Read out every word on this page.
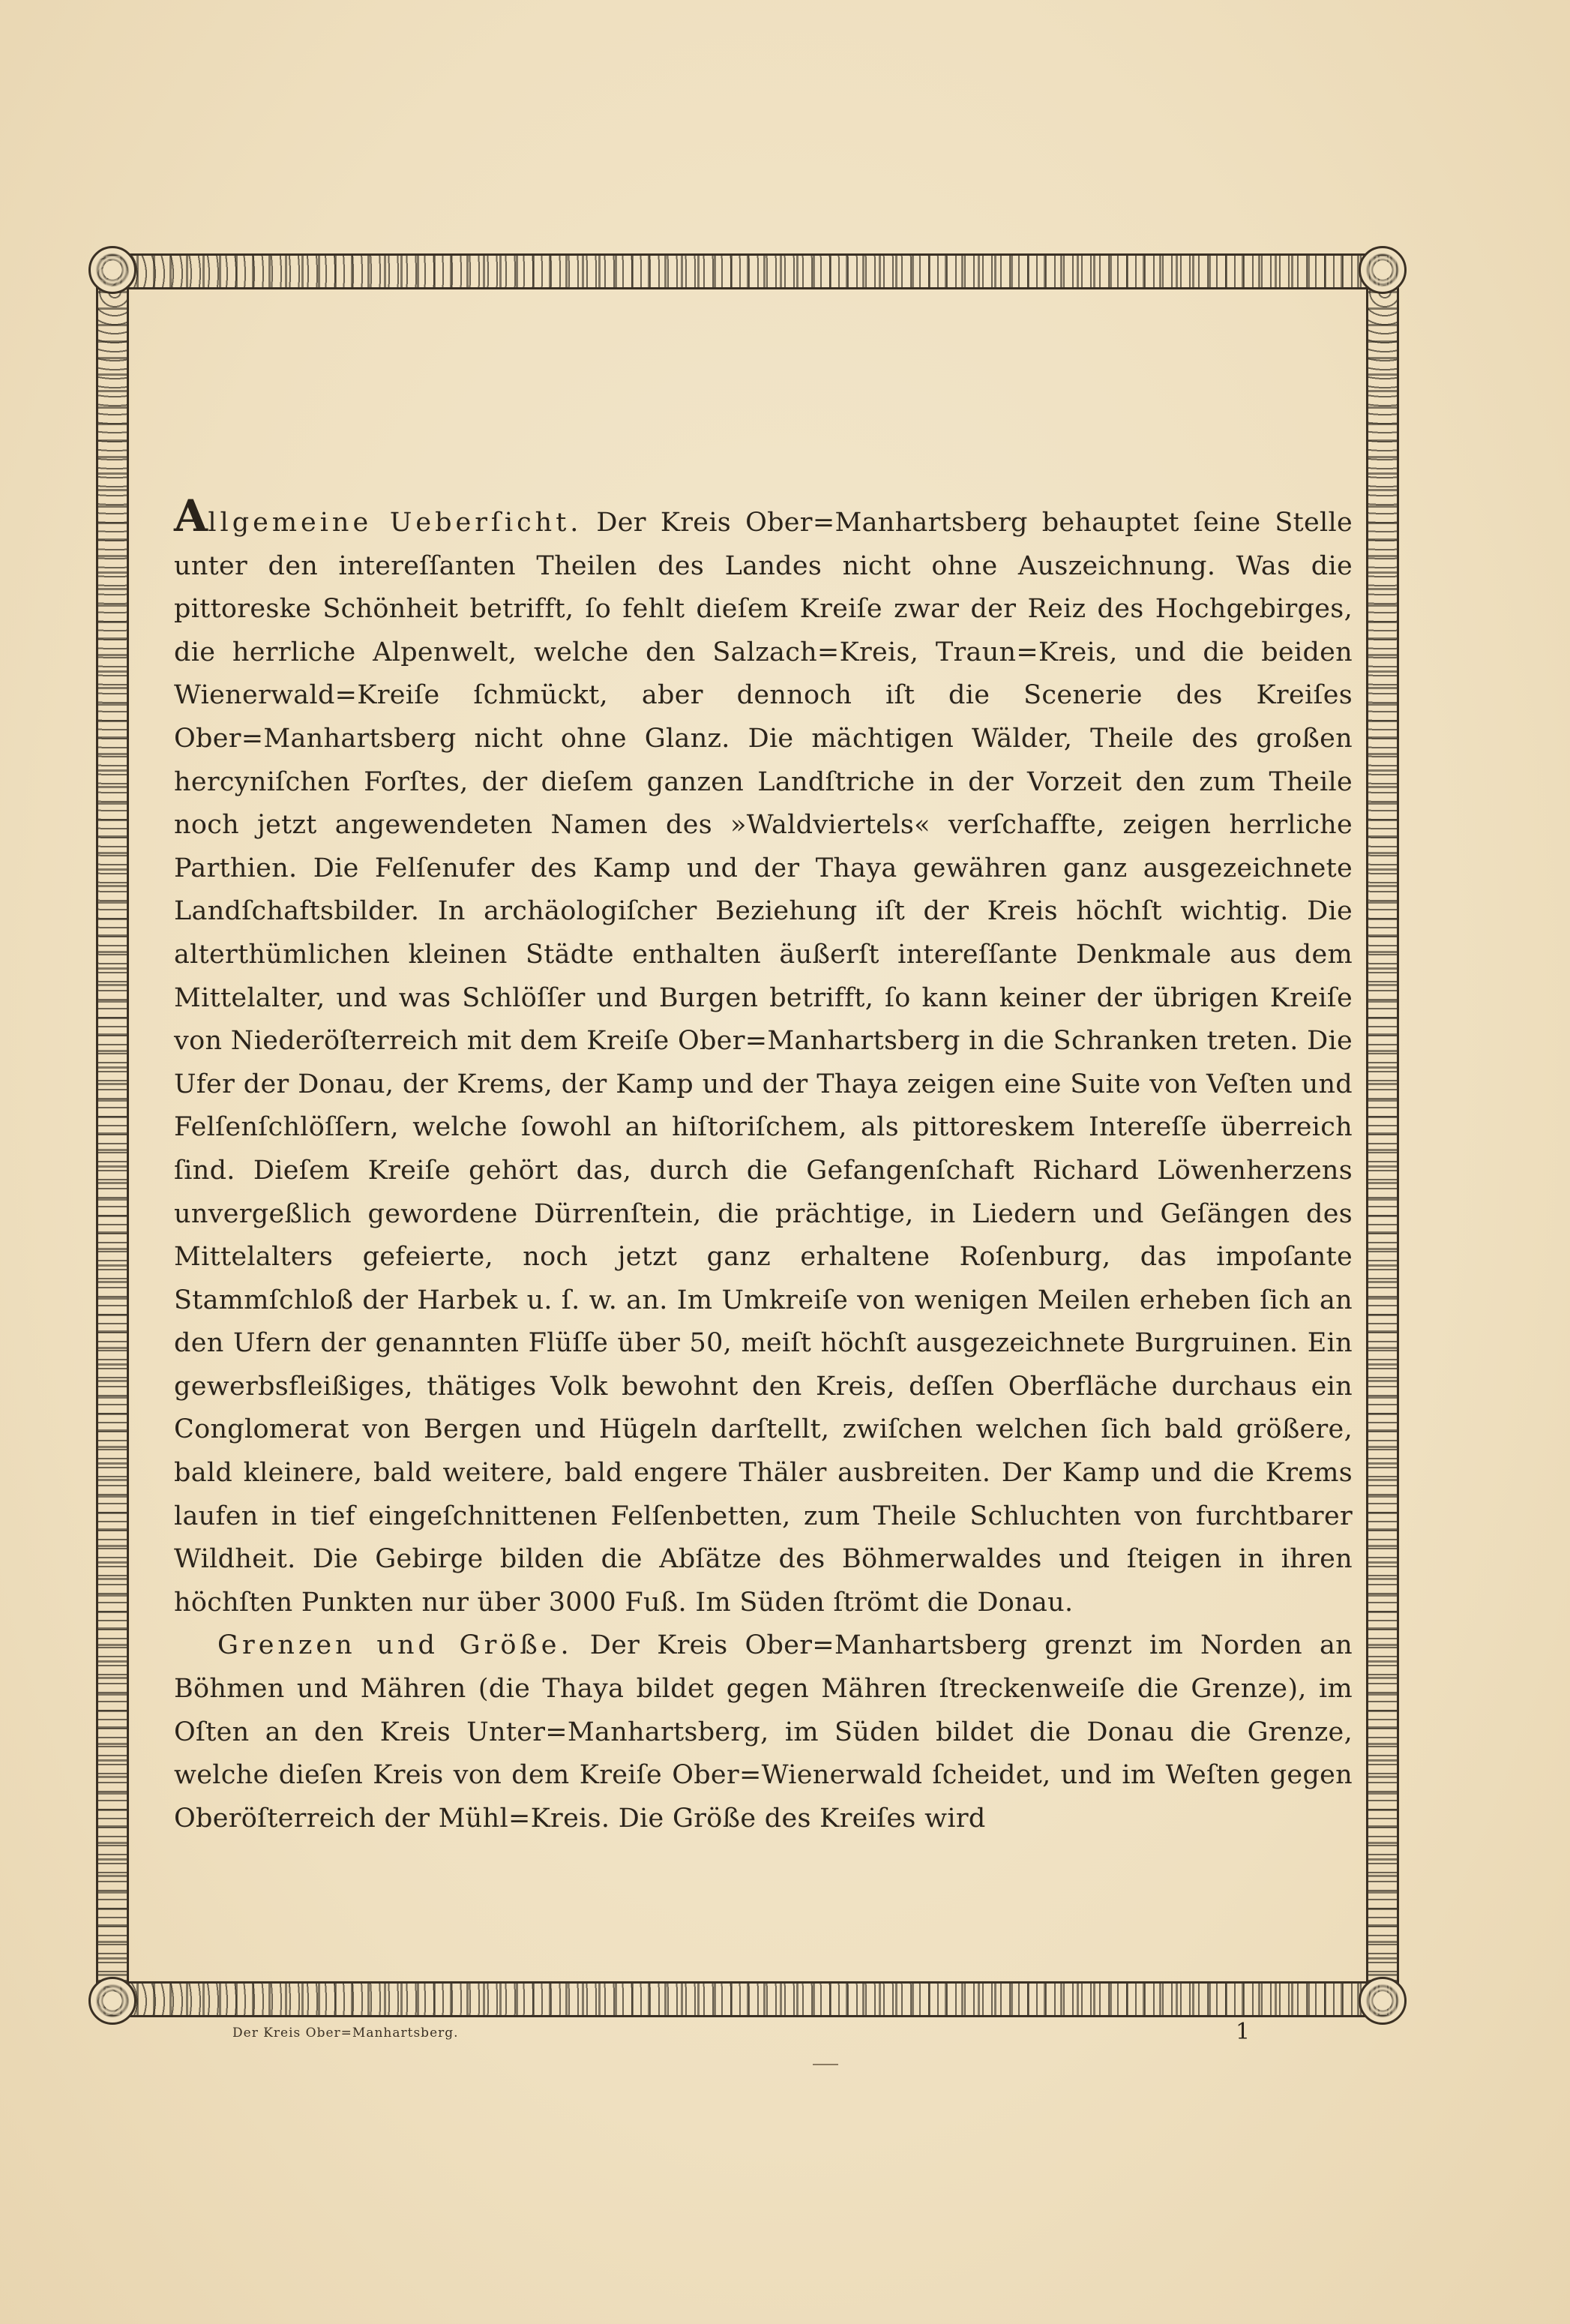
Allgemeine Ueberſicht. Der Kreis Ober=Manhartsberg behauptet ſeine Stelle unter den intereſſanten Theilen des Landes nicht ohne Auszeichnung. Was die pittoreske Schönheit betrifft, ſo fehlt dieſem Kreiſe zwar der Reiz des Hochgebirges, die herrliche Alpenwelt, welche den Salzach=Kreis, Traun=Kreis, und die beiden Wienerwald=Kreiſe ſchmückt, aber dennoch iſt die Scenerie des Kreiſes Ober=Manhartsberg nicht ohne Glanz. Die mächtigen Wälder, Theile des großen hercyniſchen Forſtes, der dieſem ganzen Landſtriche in der Vorzeit den zum Theile noch jetzt angewendeten Namen des »Waldviertels« verſchaffte, zeigen herrliche Parthien. Die Felſenufer des Kamp und der Thaya gewähren ganz ausgezeichnete Landſchaftsbilder. In archäologiſcher Beziehung iſt der Kreis höchſt wichtig. Die alterthümlichen kleinen Städte enthalten äußerſt intereſſante Denkmale aus dem Mittelalter, und was Schlöſſer und Burgen betrifft, ſo kann keiner der übrigen Kreiſe von Niederöſterreich mit dem Kreiſe Ober=Manhartsberg in die Schranken treten. Die Ufer der Donau, der Krems, der Kamp und der Thaya zeigen eine Suite von Veſten und Felſenſchlöſſern, welche ſowohl an hiſtoriſchem, als pittoreskem Intereſſe überreich ſind. Dieſem Kreiſe gehört das, durch die Gefangenſchaft Richard Löwenherzens unvergeßlich gewordene Dürrenſtein, die prächtige, in Liedern und Geſängen des Mittelalters gefeierte, noch jetzt ganz erhaltene Roſenburg, das impoſante Stammſchloß der Harbek u. ſ. w. an. Im Umkreiſe von wenigen Meilen erheben ſich an den Ufern der genannten Flüſſe über 50, meiſt höchſt ausgezeichnete Burgruinen. Ein gewerbsfleißiges, thätiges Volk bewohnt den Kreis, deſſen Oberfläche durchaus ein Conglomerat von Bergen und Hügeln darſtellt, zwiſchen welchen ſich bald größere, bald kleinere, bald weitere, bald engere Thäler ausbreiten. Der Kamp und die Krems laufen in tief eingeſchnittenen Felſenbetten, zum Theile Schluchten von furchtbarer Wildheit. Die Gebirge bilden die Abſätze des Böhmerwaldes und ſteigen in ihren höchſten Punkten nur über 3000 Fuß. Im Süden ſtrömt die Donau.

Grenzen und Größe. Der Kreis Ober=Manhartsberg grenzt im Norden an Böhmen und Mähren (die Thaya bildet gegen Mähren ſtreckenweiſe die Grenze), im Oſten an den Kreis Unter=Manhartsberg, im Süden bildet die Donau die Grenze, welche dieſen Kreis von dem Kreiſe Ober=Wienerwald ſcheidet, und im Weſten gegen Oberöſterreich der Mühl=Kreis. Die Größe des Kreiſes wird

Der Kreis Ober=Manhartsberg.	1
